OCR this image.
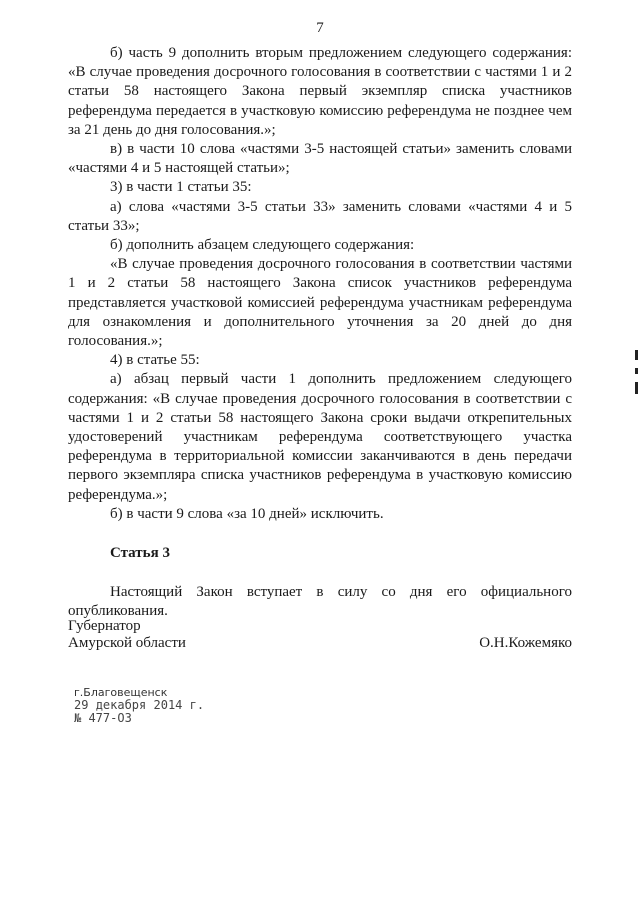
7

б) часть 9 дополнить вторым предложением следующего содержания: «В случае проведения досрочного голосования в соответствии с частями 1 и 2 статьи 58 настоящего Закона первый экземпляр списка участников референдума передается в участковую комиссию референдума не позднее чем за 21 день до дня голосования.»;

в) в части 10 слова «частями 3-5 настоящей статьи» заменить словами «частями 4 и 5 настоящей статьи»;

3) в части 1 статьи 35:

а) слова «частями 3-5 статьи 33» заменить словами «частями 4 и 5 статьи 33»;

б) дополнить абзацем следующего содержания:

«В случае проведения досрочного голосования в соответствии частями 1 и 2 статьи 58 настоящего Закона список участников референдума представляется участковой комиссией референдума участникам референдума для ознакомления и дополнительного уточнения за 20 дней до дня голосования.»;

4) в статье 55:

а) абзац первый части 1 дополнить предложением следующего содержания: «В случае проведения досрочного голосования в соответствии с частями 1 и 2 статьи 58 настоящего Закона сроки выдачи открепительных удостоверений участникам референдума соответствующего участка референдума в территориальной комиссии заканчиваются в день передачи первого экземпляра списка участников референдума в участковую комиссию референдума.»;

б) в части 9 слова «за 10 дней» исключить.

Статья 3

Настоящий Закон вступает в силу со дня его официального опубликования.

Губернатор
Амурской области	О.Н.Кожемяко
г.Благовещенск
29 декабря 2014 г.
№ 477-ОЗ
